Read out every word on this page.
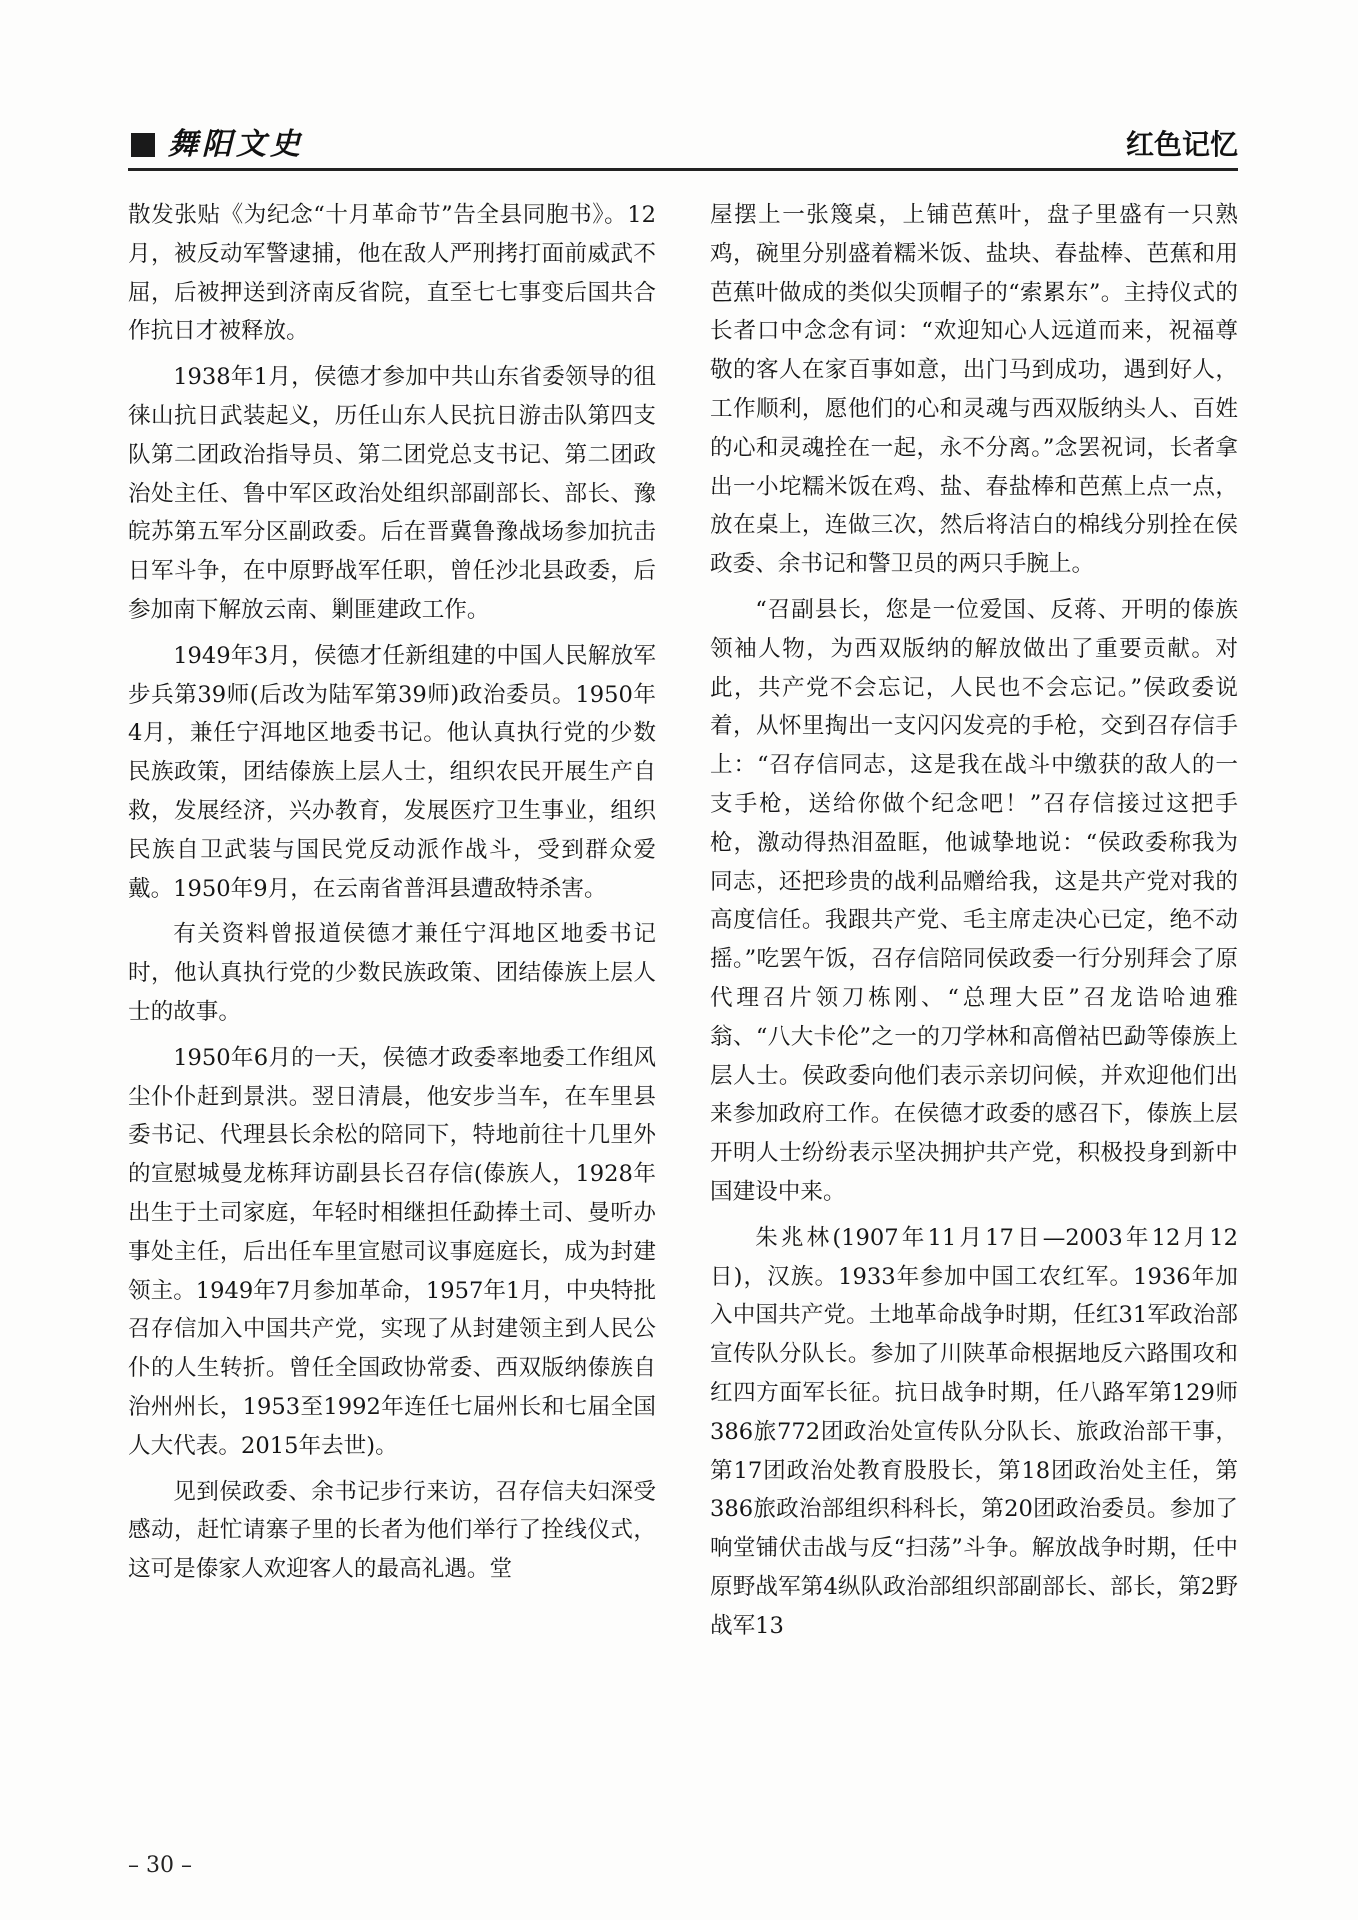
舞阳文史	红色记忆

散发张贴《为纪念“十月革命节”告全县同胞书》。12月，被反动军警逮捕，他在敌人严刑拷打面前威武不屈，后被押送到济南反省院，直至七七事变后国共合作抗日才被释放。

1938年1月，侯德才参加中共山东省委领导的徂徕山抗日武装起义，历任山东人民抗日游击队第四支队第二团政治指导员、第二团党总支书记、第二团政治处主任、鲁中军区政治处组织部副部长、部长、豫皖苏第五军分区副政委。后在晋冀鲁豫战场参加抗击日军斗争，在中原野战军任职，曾任沙北县政委，后参加南下解放云南、剿匪建政工作。

1949年3月，侯德才任新组建的中国人民解放军步兵第39师(后改为陆军第39师)政治委员。1950年4月，兼任宁洱地区地委书记。他认真执行党的少数民族政策，团结傣族上层人士，组织农民开展生产自救，发展经济，兴办教育，发展医疗卫生事业，组织民族自卫武装与国民党反动派作战斗，受到群众爱戴。1950年9月，在云南省普洱县遭敌特杀害。

有关资料曾报道侯德才兼任宁洱地区地委书记时，他认真执行党的少数民族政策、团结傣族上层人士的故事。

1950年6月的一天，侯德才政委率地委工作组风尘仆仆赶到景洪。翌日清晨，他安步当车，在车里县委书记、代理县长余松的陪同下，特地前往十几里外的宣慰城曼龙栋拜访副县长召存信(傣族人，1928年出生于土司家庭，年轻时相继担任勐捧土司、曼听办事处主任，后出任车里宣慰司议事庭庭长，成为封建领主。1949年7月参加革命，1957年1月，中央特批召存信加入中国共产党，实现了从封建领主到人民公仆的人生转折。曾任全国政协常委、西双版纳傣族自治州州长，1953至1992年连任七届州长和七届全国人大代表。2015年去世)。

见到侯政委、余书记步行来访，召存信夫妇深受感动，赶忙请寨子里的长者为他们举行了拴线仪式，这可是傣家人欢迎客人的最高礼遇。堂

屋摆上一张篾桌，上铺芭蕉叶，盘子里盛有一只熟鸡，碗里分别盛着糯米饭、盐块、春盐棒、芭蕉和用芭蕉叶做成的类似尖顶帽子的“索累东”。主持仪式的长者口中念念有词：“欢迎知心人远道而来，祝福尊敬的客人在家百事如意，出门马到成功，遇到好人，工作顺利，愿他们的心和灵魂与西双版纳头人、百姓的心和灵魂拴在一起，永不分离。”念罢祝词，长者拿出一小坨糯米饭在鸡、盐、春盐棒和芭蕉上点一点，放在桌上，连做三次，然后将洁白的棉线分别拴在侯政委、余书记和警卫员的两只手腕上。

“召副县长，您是一位爱国、反蒋、开明的傣族领袖人物，为西双版纳的解放做出了重要贡献。对此，共产党不会忘记，人民也不会忘记。”侯政委说着，从怀里掏出一支闪闪发亮的手枪，交到召存信手上：“召存信同志，这是我在战斗中缴获的敌人的一支手枪，送给你做个纪念吧！”召存信接过这把手枪，激动得热泪盈眶，他诚挚地说：“侯政委称我为同志，还把珍贵的战利品赠给我，这是共产党对我的高度信任。我跟共产党、毛主席走决心已定，绝不动摇。”吃罢午饭，召存信陪同侯政委一行分别拜会了原代理召片领刀栋刚、“总理大臣”召龙诰哈迪雅翁、“八大卡伦”之一的刀学林和高僧祜巴勐等傣族上层人士。侯政委向他们表示亲切问候，并欢迎他们出来参加政府工作。在侯德才政委的感召下，傣族上层开明人士纷纷表示坚决拥护共产党，积极投身到新中国建设中来。

朱兆林(1907年11月17日—2003年12月12日)，汉族。1933年参加中国工农红军。1936年加入中国共产党。土地革命战争时期，任红31军政治部宣传队分队长。参加了川陕革命根据地反六路围攻和红四方面军长征。抗日战争时期，任八路军第129师386旅772团政治处宣传队分队长、旅政治部干事，第17团政治处教育股股长，第18团政治处主任，第386旅政治部组织科科长，第20团政治委员。参加了响堂铺伏击战与反“扫荡”斗争。解放战争时期，任中原野战军第4纵队政治部组织部副部长、部长，第2野战军13

– 30 –
